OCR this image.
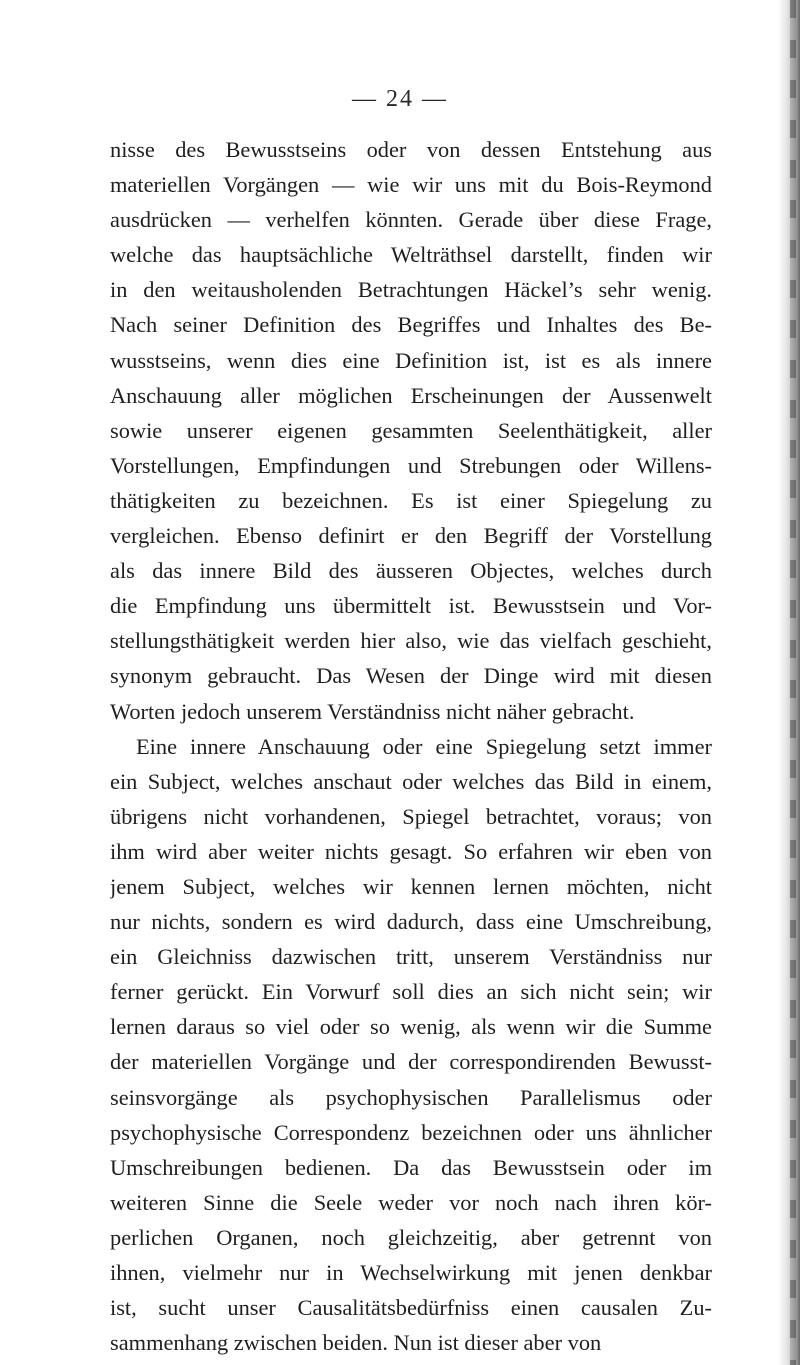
— 24 —
nisse des Bewusstseins oder von dessen Entstehung aus
materiellen Vorgängen — wie wir uns mit du Bois-Reymond
ausdrücken — verhelfen könnten. Gerade über diese Frage,
welche das hauptsächliche Welträthsel darstellt, finden wir
in den weitausholenden Betrachtungen Häckel’s sehr wenig.
Nach seiner Definition des Begriffes und Inhaltes des Be-
wusstseins, wenn dies eine Definition ist, ist es als innere
Anschauung aller möglichen Erscheinungen der Aussenwelt
sowie unserer eigenen gesammten Seelenthätigkeit, aller
Vorstellungen, Empfindungen und Strebungen oder Willens-
thätigkeiten zu bezeichnen. Es ist einer Spiegelung zu
vergleichen. Ebenso definirt er den Begriff der Vorstellung
als das innere Bild des äusseren Objectes, welches durch
die Empfindung uns übermittelt ist. Bewusstsein und Vor-
stellungsthätigkeit werden hier also, wie das vielfach geschieht,
synonym gebraucht. Das Wesen der Dinge wird mit diesen
Worten jedoch unserem Verständniss nicht näher gebracht.
Eine innere Anschauung oder eine Spiegelung setzt immer
ein Subject, welches anschaut oder welches das Bild in einem,
übrigens nicht vorhandenen, Spiegel betrachtet, voraus; von
ihm wird aber weiter nichts gesagt. So erfahren wir eben von
jenem Subject, welches wir kennen lernen möchten, nicht
nur nichts, sondern es wird dadurch, dass eine Umschreibung,
ein Gleichniss dazwischen tritt, unserem Verständniss nur
ferner gerückt. Ein Vorwurf soll dies an sich nicht sein; wir
lernen daraus so viel oder so wenig, als wenn wir die Summe
der materiellen Vorgänge und der correspondirenden Bewusst-
seinsvorgänge als psychophysischen Parallelismus oder
psychophysische Correspondenz bezeichnen oder uns ähnlicher
Umschreibungen bedienen. Da das Bewusstsein oder im
weiteren Sinne die Seele weder vor noch nach ihren kör-
perlichen Organen, noch gleichzeitig, aber getrennt von
ihnen, vielmehr nur in Wechselwirkung mit jenen denkbar
ist, sucht unser Causalitätsbedürfniss einen causalen Zu-
sammenhang zwischen beiden. Nun ist dieser aber von
